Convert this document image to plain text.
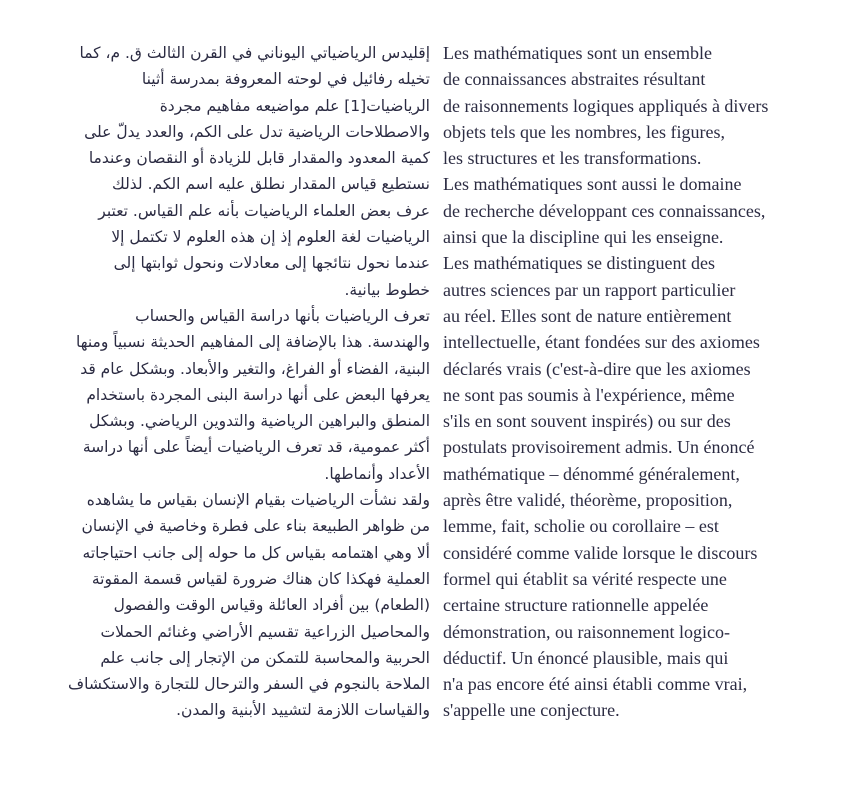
إقليدس الرياضياتي اليوناني في القرن الثالث ق. م، كما
تخيله رفائيل في لوحته المعروفة بمدرسة أثينا
الرياضيات[1] علم مواضيعه مفاهيم مجردة
والاصطلاحات الرياضية تدل على الكم، والعدد يدلّ على
كمية المعدود والمقدار قابل للزيادة أو النقصان وعندما
نستطيع قياس المقدار نطلق عليه اسم الكم. لذلك
عرف بعض العلماء الرياضيات بأنه علم القياس. تعتبر
الرياضيات لغة العلوم إذ إن هذه العلوم لا تكتمل إلا
عندما نحول نتائجها إلى معادلات ونحول ثوابتها إلى
خطوط بيانية.
تعرف الرياضيات بأنها دراسة القياس والحساب
والهندسة. هذا بالإضافة إلى المفاهيم الحديثة نسبياً ومنها
البنية، الفضاء أو الفراغ، والتغير والأبعاد. وبشكل عام قد
يعرفها البعض على أنها دراسة البنى المجردة باستخدام
المنطق والبراهين الرياضية والتدوين الرياضي. وبشكل
أكثر عمومية، قد تعرف الرياضيات أيضاً على أنها دراسة
الأعداد وأنماطها.
ولقد نشأت الرياضيات بقيام الإنسان بقياس ما يشاهده
من ظواهر الطبيعة بناء على فطرة وخاصية في الإنسان
ألا وهي اهتمامه بقياس كل ما حوله إلى جانب احتياجاته
العملية فهكذا كان هناك ضرورة لقياس قسمة المقوتة
(الطعام) بين أفراد العائلة وقياس الوقت والفصول
والمحاصيل الزراعية تقسيم الأراضي وغنائم الحملات
الحربية والمحاسبة للتمكن من الإتجار إلى جانب علم
الملاحة بالنجوم في السفر والترحال للتجارة والاستكشاف
والقياسات اللازمة لتشييد الأبنية والمدن.
Les mathématiques sont un ensemble
de connaissances abstraites résultant
de raisonnements logiques appliqués à divers
objets tels que les nombres, les figures,
les structures et les transformations.
Les mathématiques sont aussi le domaine
de recherche développant ces connaissances,
ainsi que la discipline qui les enseigne.
Les mathématiques se distinguent des
autres sciences par un rapport particulier
au réel. Elles sont de nature entièrement
intellectuelle, étant fondées sur des axiomes
déclarés vrais (c'est-à-dire que les axiomes
ne sont pas soumis à l'expérience, même
s'ils en sont souvent inspirés) ou sur des
postulats provisoirement admis. Un énoncé
mathématique – dénommé généralement,
après être validé, théorème, proposition,
lemme, fait, scholie ou corollaire – est
considéré comme valide lorsque le discours
formel qui établit sa vérité respecte une
certaine structure rationnelle appelée
démonstration, ou raisonnement logico-
déductif. Un énoncé plausible, mais qui
n'a pas encore été ainsi établi comme vrai,
s'appelle une conjecture.
